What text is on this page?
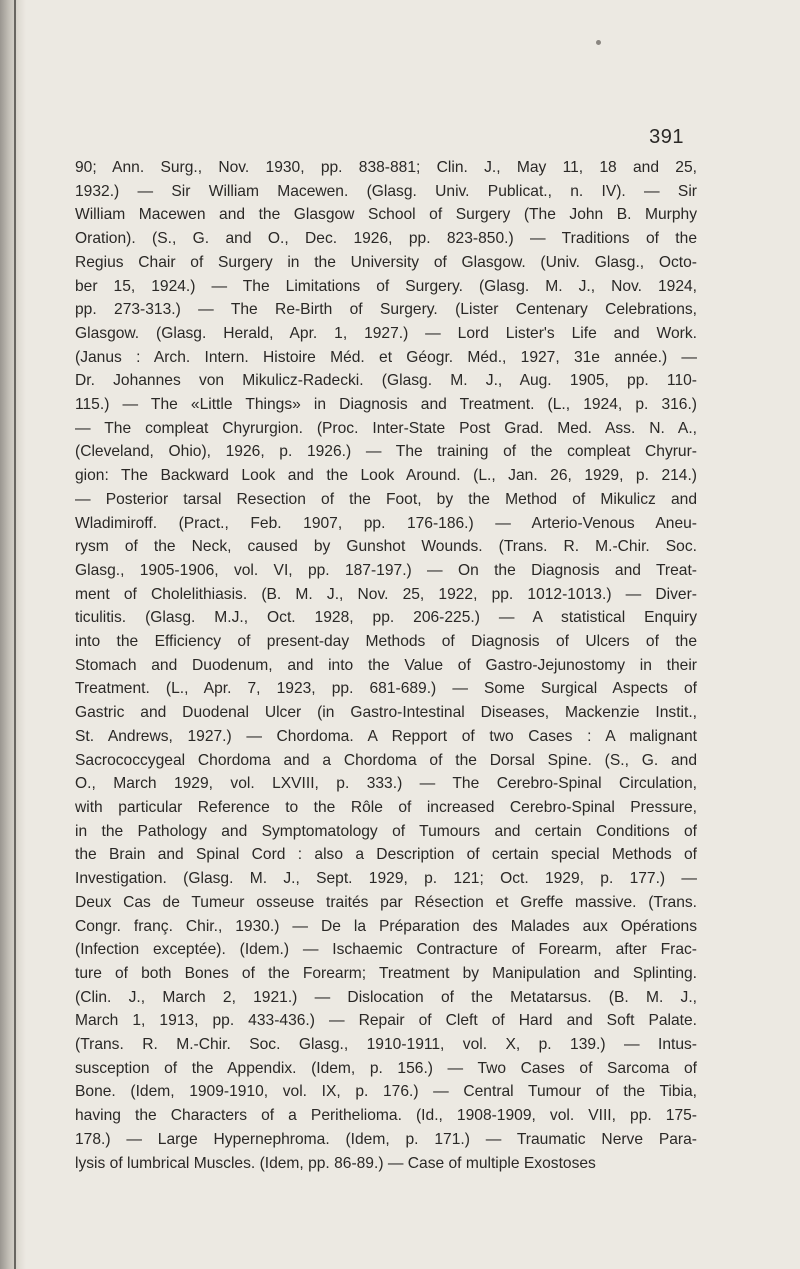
391
90; Ann. Surg., Nov. 1930, pp. 838-881; Clin. J., May 11, 18 and 25,
1932.) — Sir William Macewen. (Glasg. Univ. Publicat., n. IV). — Sir
William Macewen and the Glasgow School of Surgery (The John B. Murphy
Oration). (S., G. and O., Dec. 1926, pp. 823-850.) — Traditions of the
Regius Chair of Surgery in the University of Glasgow. (Univ. Glasg., Octo-
ber 15, 1924.) — The Limitations of Surgery. (Glasg. M. J., Nov. 1924,
pp. 273-313.) — The Re-Birth of Surgery. (Lister Centenary Celebrations,
Glasgow. (Glasg. Herald, Apr. 1, 1927.) — Lord Lister's Life and Work.
(Janus : Arch. Intern. Histoire Méd. et Géogr. Méd., 1927, 31e année.) —
Dr. Johannes von Mikulicz-Radecki. (Glasg. M. J., Aug. 1905, pp. 110-
115.) — The «Little Things» in Diagnosis and Treatment. (L., 1924, p. 316.)
— The compleat Chyrurgion. (Proc. Inter-State Post Grad. Med. Ass. N. A.,
(Cleveland, Ohio), 1926, p. 1926.) — The training of the compleat Chyrur-
gion: The Backward Look and the Look Around. (L., Jan. 26, 1929, p. 214.)
— Posterior tarsal Resection of the Foot, by the Method of Mikulicz and
Wladimiroff. (Pract., Feb. 1907, pp. 176-186.) — Arterio-Venous Aneu-
rysm of the Neck, caused by Gunshot Wounds. (Trans. R. M.-Chir. Soc.
Glasg., 1905-1906, vol. VI, pp. 187-197.) — On the Diagnosis and Treat-
ment of Cholelithiasis. (B. M. J., Nov. 25, 1922, pp. 1012-1013.) — Diver-
ticulitis. (Glasg. M.J., Oct. 1928, pp. 206-225.) — A statistical Enquiry
into the Efficiency of present-day Methods of Diagnosis of Ulcers of the
Stomach and Duodenum, and into the Value of Gastro-Jejunostomy in their
Treatment. (L., Apr. 7, 1923, pp. 681-689.) — Some Surgical Aspects of
Gastric and Duodenal Ulcer (in Gastro-Intestinal Diseases, Mackenzie Instit.,
St. Andrews, 1927.) — Chordoma. A Repport of two Cases : A malignant
Sacrococcygeal Chordoma and a Chordoma of the Dorsal Spine. (S., G. and
O., March 1929, vol. LXVIII, p. 333.) — The Cerebro-Spinal Circulation,
with particular Reference to the Rôle of increased Cerebro-Spinal Pressure,
in the Pathology and Symptomatology of Tumours and certain Conditions of
the Brain and Spinal Cord : also a Description of certain special Methods of
Investigation. (Glasg. M. J., Sept. 1929, p. 121; Oct. 1929, p. 177.) —
Deux Cas de Tumeur osseuse traités par Résection et Greffe massive. (Trans.
Congr. franç. Chir., 1930.) — De la Préparation des Malades aux Opérations
(Infection exceptée). (Idem.) — Ischaemic Contracture of Forearm, after Frac-
ture of both Bones of the Forearm; Treatment by Manipulation and Splinting.
(Clin. J., March 2, 1921.) — Dislocation of the Metatarsus. (B. M. J.,
March 1, 1913, pp. 433-436.) — Repair of Cleft of Hard and Soft Palate.
(Trans. R. M.-Chir. Soc. Glasg., 1910-1911, vol. X, p. 139.) — Intus-
susception of the Appendix. (Idem, p. 156.) — Two Cases of Sarcoma of
Bone. (Idem, 1909-1910, vol. IX, p. 176.) — Central Tumour of the Tibia,
having the Characters of a Perithelioma. (Id., 1908-1909, vol. VIII, pp. 175-
178.) — Large Hypernephroma. (Idem, p. 171.) — Traumatic Nerve Para-
lysis of lumbrical Muscles. (Idem, pp. 86-89.) — Case of multiple Exostoses
